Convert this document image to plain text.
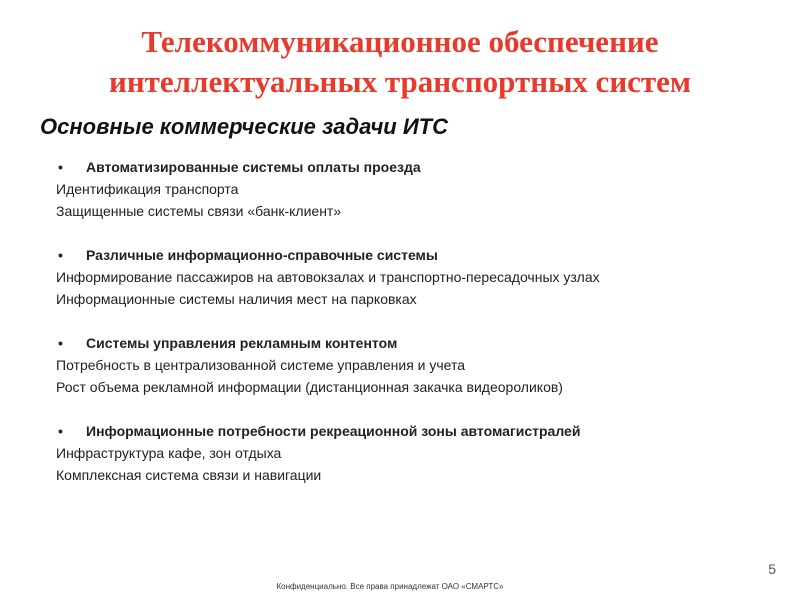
Телекоммуникационное обеспечение
интеллектуальных транспортных систем
Основные коммерческие задачи ИТС
• Автоматизированные системы оплаты проезда
Идентификация транспорта
Защищенные системы связи «банк-клиент»
• Различные информационно-справочные системы
Информирование пассажиров на автовокзалах и транспортно-пересадочных узлах
Информационные системы наличия мест на парковках
• Системы управления рекламным контентом
Потребность в централизованной системе управления и учета
Рост объема рекламной информации (дистанционная закачка видеороликов)
• Информационные потребности рекреационной зоны автомагистралей
Инфраструктура кафе, зон отдыха
Комплексная система связи и навигации
5
Конфиденциально. Все права принадлежат ОАО «СМАРТС»
